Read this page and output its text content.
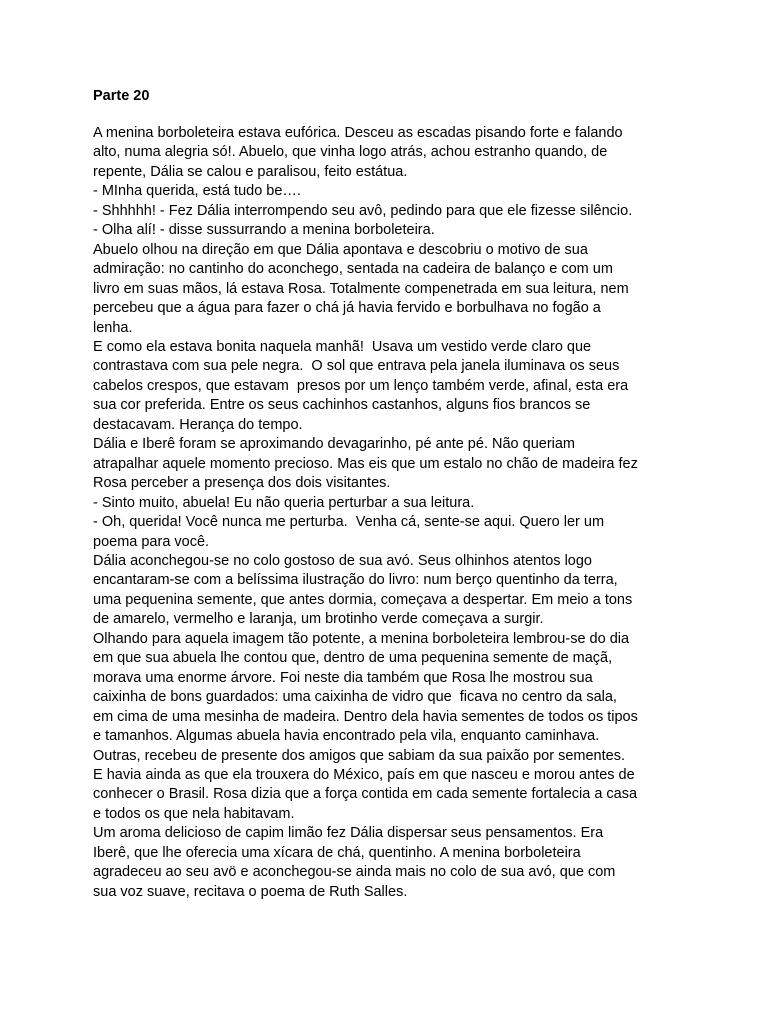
Parte 20
A menina borboleteira estava eufórica. Desceu as escadas pisando forte e falando
alto, numa alegria só!. Abuelo, que vinha logo atrás, achou estranho quando, de
repente, Dália se calou e paralisou, feito estátua.
- MInha querida, está tudo be….
- Shhhhh! - Fez Dália interrompendo seu avô, pedindo para que ele fizesse silêncio.
- Olha alí! - disse sussurrando a menina borboleteira.
Abuelo olhou na direção em que Dália apontava e descobriu o motivo de sua
admiração: no cantinho do aconchego, sentada na cadeira de balanço e com um
livro em suas mãos, lá estava Rosa. Totalmente compenetrada em sua leitura, nem
percebeu que a água para fazer o chá já havia fervido e borbulhava no fogão a
lenha.
E como ela estava bonita naquela manhã!  Usava um vestido verde claro que
contrastava com sua pele negra.  O sol que entrava pela janela iluminava os seus
cabelos crespos, que estavam  presos por um lenço também verde, afinal, esta era
sua cor preferida. Entre os seus cachinhos castanhos, alguns fios brancos se
destacavam. Herança do tempo.
Dália e Iberê foram se aproximando devagarinho, pé ante pé. Não queriam
atrapalhar aquele momento precioso. Mas eis que um estalo no chão de madeira fez
Rosa perceber a presença dos dois visitantes.
- Sinto muito, abuela! Eu não queria perturbar a sua leitura.
- Oh, querida! Você nunca me perturba.  Venha cá, sente-se aqui. Quero ler um
poema para você.
Dália aconchegou-se no colo gostoso de sua avó. Seus olhinhos atentos logo
encantaram-se com a belíssima ilustração do livro: num berço quentinho da terra,
uma pequenina semente, que antes dormia, começava a despertar. Em meio a tons
de amarelo, vermelho e laranja, um brotinho verde começava a surgir.
Olhando para aquela imagem tão potente, a menina borboleteira lembrou-se do dia
em que sua abuela lhe contou que, dentro de uma pequenina semente de maçã,
morava uma enorme árvore. Foi neste dia também que Rosa lhe mostrou sua
caixinha de bons guardados: uma caixinha de vidro que  ficava no centro da sala,
em cima de uma mesinha de madeira. Dentro dela havia sementes de todos os tipos
e tamanhos. Algumas abuela havia encontrado pela vila, enquanto caminhava.
Outras, recebeu de presente dos amigos que sabiam da sua paixão por sementes.
E havia ainda as que ela trouxera do México, país em que nasceu e morou antes de
conhecer o Brasil. Rosa dizia que a força contida em cada semente fortalecia a casa
e todos os que nela habitavam.
Um aroma delicioso de capim limão fez Dália dispersar seus pensamentos. Era
Iberê, que lhe oferecia uma xícara de chá, quentinho. A menina borboleteira
agradeceu ao seu avö e aconchegou-se ainda mais no colo de sua avó, que com
sua voz suave, recitava o poema de Ruth Salles.
